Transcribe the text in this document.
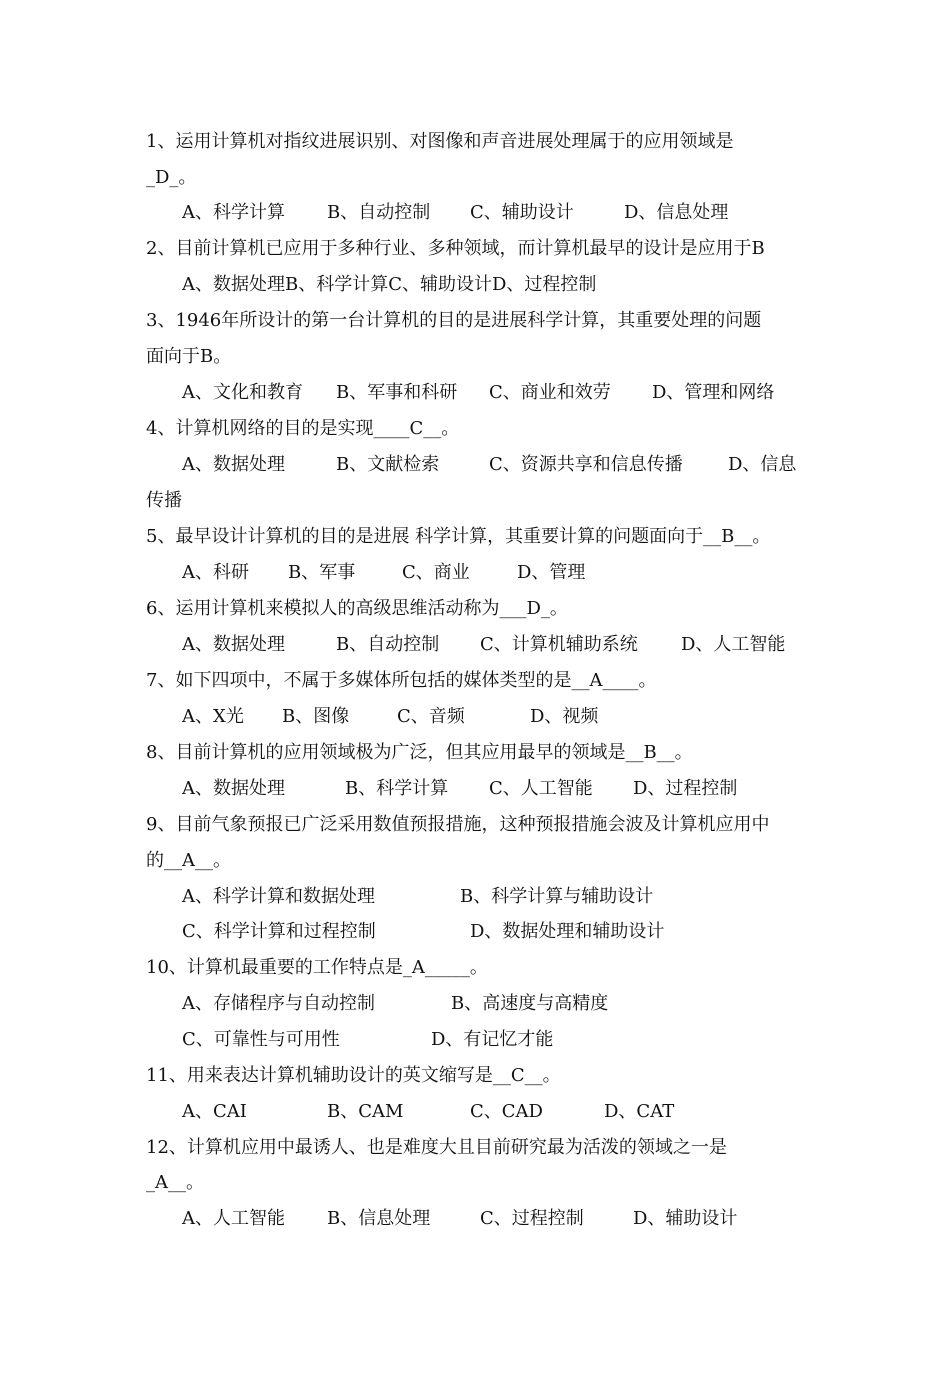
1、运用计算机对指纹进展识别、对图像和声音进展处理属于的应用领域是
_D_。

A、科学计算

B、自动控制

C、辅助设计

	D、信息处理

2、目前计算机已应用于多种行业、多种领域，而计算机最早的设计是应用于B

A、数据处理B、科学计算C、辅助设计D、过程控制

3、1946年所设计的第一台计算机的目的是进展科学计算，其重要处理的问题
面向于B。

A、文化和教育

B、军事和科研

C、商业和效劳

D、管理和网络

4、计算机网络的目的是实现____C__。

A、数据处理

	B、文献检索

	C、资源共享和信息传播

	D、信息

传播
5、最早设计计算机的目的是进展 科学计算，其重要计算的问题面向于__B__。

A、科研

B、军事

	C、商业

	D、管理

6、运用计算机来模拟人的高级思维活动称为___D_。

A、数据处理

	B、自动控制

C、计算机辅助系统

D、人工智能

7、如下四项中，不属于多媒体所包括的媒体类型的是__A____。

A、X光

B、图像

	C、音频

	D、视频

8、目前计算机的应用领域极为广泛，但其应用最早的领域是__B__。

A、数据处理

	B、科学计算

C、人工智能

D、过程控制

9、目前气象预报已广泛采用数值预报措施，这种预报措施会波及计算机应用中
的__A__。

A、科学计算和数据处理

	B、科学计算与辅助设计

C、科学计算和过程控制

	D、数据处理和辅助设计

10、计算机最重要的工作特点是_A_____。

A、存储程序与自动控制

	B、高速度与高精度

C、可靠性与可用性

	D、有记忆才能

11、用来表达计算机辅助设计的英文缩写是__C__。

A、CAI

	B、CAM

	C、CAD

	D、CAT

12、计算机应用中最诱人、也是难度大且目前研究最为活泼的领域之一是
_A__。

A、人工智能

B、信息处理

	C、过程控制

	D、辅助设计
